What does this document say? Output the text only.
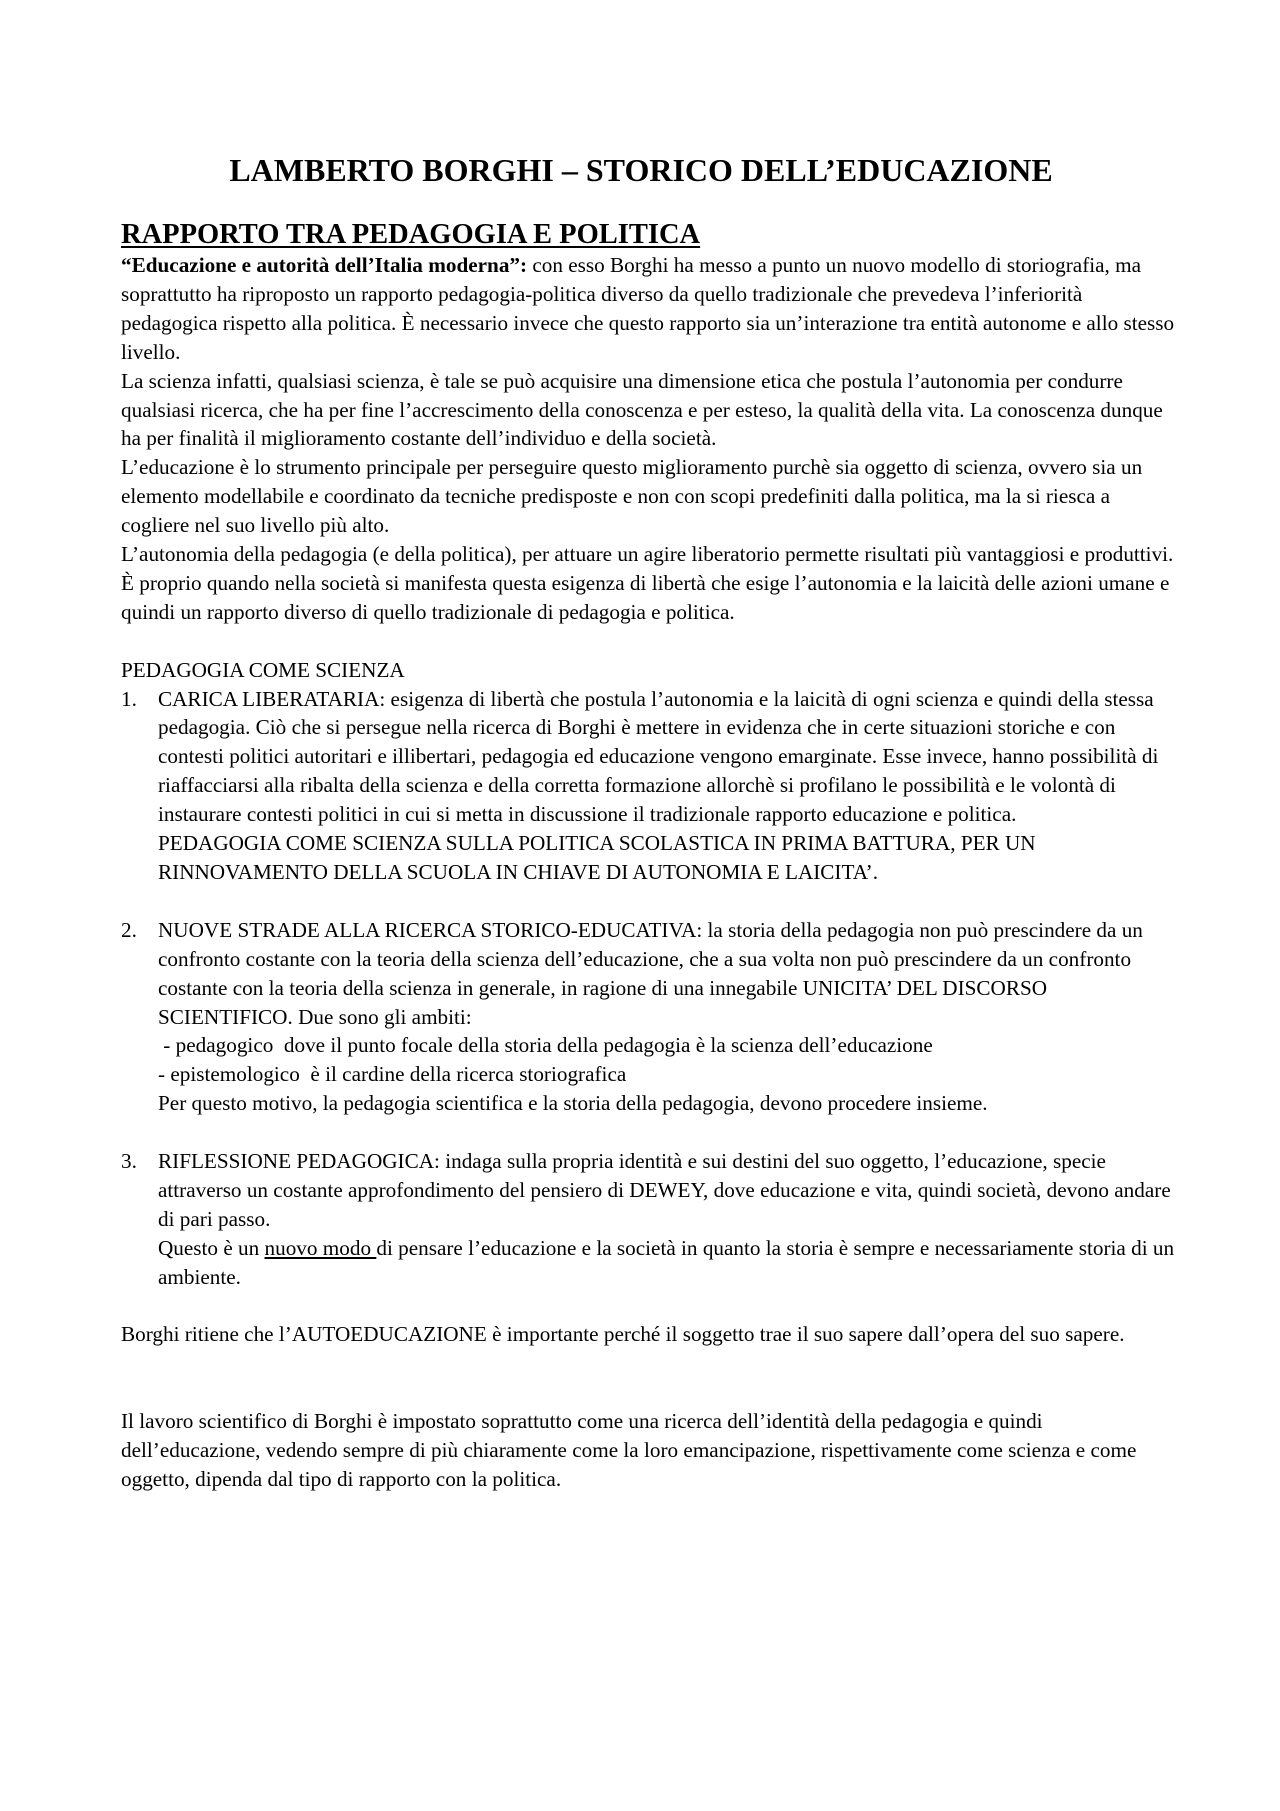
LAMBERTO BORGHI – STORICO DELL’EDUCAZIONE
RAPPORTO TRA PEDAGOGIA E POLITICA

“Educazione e autorità dell’Italia moderna”: con esso Borghi ha messo a punto un nuovo modello di storiografia, ma soprattutto ha riproposto un rapporto pedagogia-politica diverso da quello tradizionale che prevedeva l’inferiorità pedagogica rispetto alla politica. È necessario invece che questo rapporto sia un’interazione tra entità autonome e allo stesso livello.

La scienza infatti, qualsiasi scienza, è tale se può acquisire una dimensione etica che postula l’autonomia per condurre qualsiasi ricerca, che ha per fine l’accrescimento della conoscenza e per esteso, la qualità della vita. La conoscenza dunque ha per finalità il miglioramento costante dell’individuo e della società.

L’educazione è lo strumento principale per perseguire questo miglioramento purchè sia oggetto di scienza, ovvero sia un elemento modellabile e coordinato da tecniche predisposte e non con scopi predefiniti dalla politica, ma la si riesca a cogliere nel suo livello più alto.

L’autonomia della pedagogia (e della politica), per attuare un agire liberatorio permette risultati più vantaggiosi e produttivi. È proprio quando nella società si manifesta questa esigenza di libertà che esige l’autonomia e la laicità delle azioni umane e quindi un rapporto diverso di quello tradizionale di pedagogia e politica.

PEDAGOGIA COME SCIENZA

1. CARICA LIBERATARIA: esigenza di libertà che postula l’autonomia e la laicità di ogni scienza e quindi della stessa pedagogia. Ciò che si persegue nella ricerca di Borghi è mettere in evidenza che in certe situazioni storiche e con contesti politici autoritari e illibertari, pedagogia ed educazione vengono emarginate. Esse invece, hanno possibilità di riaffacciarsi alla ribalta della scienza e della corretta formazione allorchè si profilano le possibilità e le volontà di instaurare contesti politici in cui si metta in discussione il tradizionale rapporto educazione e politica.

PEDAGOGIA COME SCIENZA SULLA POLITICA SCOLASTICA IN PRIMA BATTURA, PER UN RINNOVAMENTO DELLA SCUOLA IN CHIAVE DI AUTONOMIA E LAICITA’.

2. NUOVE STRADE ALLA RICERCA STORICO-EDUCATIVA: la storia della pedagogia non può prescindere da un confronto costante con la teoria della scienza dell’educazione, che a sua volta non può prescindere da un confronto costante con la teoria della scienza in generale, in ragione di una innegabile UNICITA’ DEL DISCORSO SCIENTIFICO. Due sono gli ambiti:

- pedagogico  dove il punto focale della storia della pedagogia è la scienza dell’educazione

- epistemologico  è il cardine della ricerca storiografica

Per questo motivo, la pedagogia scientifica e la storia della pedagogia, devono procedere insieme.

3. RIFLESSIONE PEDAGOGICA: indaga sulla propria identità e sui destini del suo oggetto, l’educazione, specie attraverso un costante approfondimento del pensiero di DEWEY, dove educazione e vita, quindi società, devono andare di pari passo.

Questo è un nuovo modo di pensare l’educazione e la società in quanto la storia è sempre e necessariamente storia di un ambiente.

Borghi ritiene che l’AUTOEDUCAZIONE è importante perché il soggetto trae il suo sapere dall’opera del suo sapere.

Il lavoro scientifico di Borghi è impostato soprattutto come una ricerca dell’identità della pedagogia e quindi dell’educazione, vedendo sempre di più chiaramente come la loro emancipazione, rispettivamente come scienza e come oggetto, dipenda dal tipo di rapporto con la politica.
